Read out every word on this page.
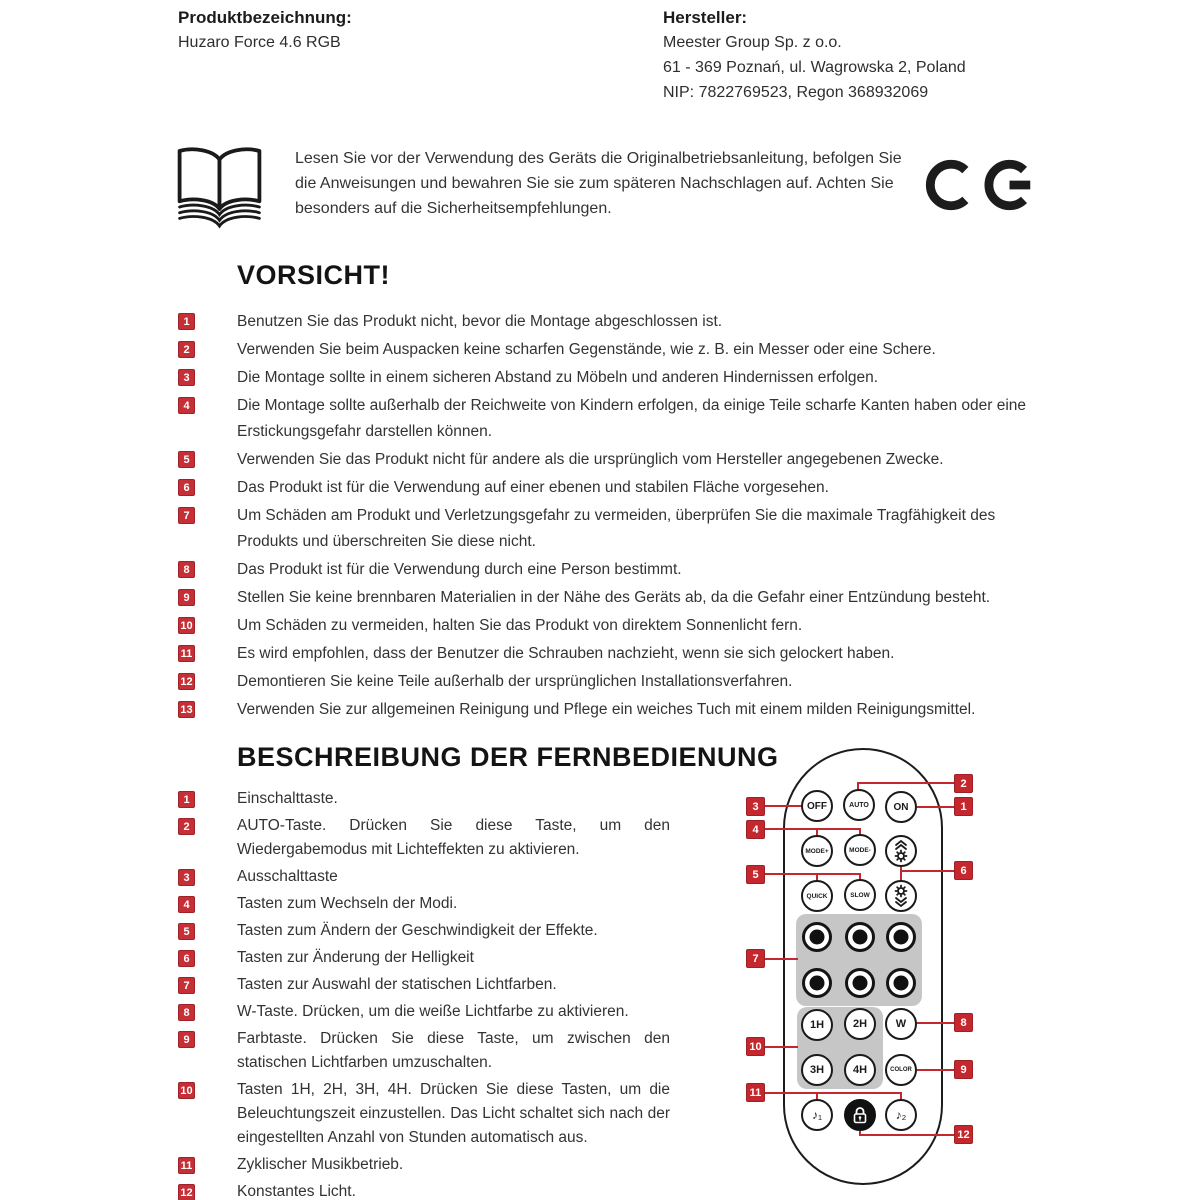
Produktbezeichnung:
Huzaro Force 4.6 RGB
Hersteller:
Meester Group Sp. z o.o.
61 - 369 Poznań, ul. Wagrowska 2, Poland
NIP: 7822769523, Regon 368932069
Lesen Sie vor der Verwendung des Geräts die Originalbetriebsanleitung, befolgen Sie die Anweisungen und bewahren Sie sie zum späteren Nachschlagen auf. Achten Sie besonders auf die Sicherheitsempfehlungen.
VORSICHT!
1	Benutzen Sie das Produkt nicht, bevor die Montage abgeschlossen ist.
2	Verwenden Sie beim Auspacken keine scharfen Gegenstände, wie z. B. ein Messer oder eine Schere.
3	Die Montage sollte in einem sicheren Abstand zu Möbeln und anderen Hindernissen erfolgen.
4	Die Montage sollte außerhalb der Reichweite von Kindern erfolgen, da einige Teile scharfe Kanten haben oder eine Erstickungsgefahr darstellen können.
5	Verwenden Sie das Produkt nicht für andere als die ursprünglich vom Hersteller angegebenen Zwecke.
6	Das Produkt ist für die Verwendung auf einer ebenen und stabilen Fläche vorgesehen.
7	Um Schäden am Produkt und Verletzungsgefahr zu vermeiden, überprüfen Sie die maximale Tragfähigkeit des Produkts und überschreiten Sie diese nicht.
8	Das Produkt ist für die Verwendung durch eine Person bestimmt.
9	Stellen Sie keine brennbaren Materialien in der Nähe des Geräts ab, da die Gefahr einer Entzündung besteht.
10	Um Schäden zu vermeiden, halten Sie das Produkt von direktem Sonnenlicht fern.
11	Es wird empfohlen, dass der Benutzer die Schrauben nachzieht, wenn sie sich gelockert haben.
12	Demontieren Sie keine Teile außerhalb der ursprünglichen Installationsverfahren.
13	Verwenden Sie zur allgemeinen Reinigung und Pflege ein weiches Tuch mit einem milden Reinigungsmittel.
BESCHREIBUNG DER FERNBEDIENUNG
1	Einschalttaste.
2	AUTO-Taste. Drücken Sie diese Taste, um den Wiedergabemodus mit Lichteffekten zu aktivieren.
3	Ausschalttaste
4	Tasten zum Wechseln der Modi.
5	Tasten zum Ändern der Geschwindigkeit der Effekte.
6	Tasten zur Änderung der Helligkeit
7	Tasten zur Auswahl der statischen Lichtfarben.
8	W-Taste. Drücken, um die weiße Lichtfarbe zu aktivieren.
9	Farbtaste. Drücken Sie diese Taste, um zwischen den statischen Lichtfarben umzuschalten.
10	Tasten 1H, 2H, 3H, 4H. Drücken Sie diese Tasten, um die Beleuchtungszeit einzustellen. Das Licht schaltet sich nach der eingestellten Anzahl von Stunden automatisch aus.
11	Zyklischer Musikbetrieb.
12	Konstantes Licht.
OFF	AUTO	ON
MODE+	MODE-
QUICK	SLOW
1H	2H	W
3H	4H	COLOR
♪₁	♪₂
2
1
3
4
5	6
7
8
10
9
11
12
